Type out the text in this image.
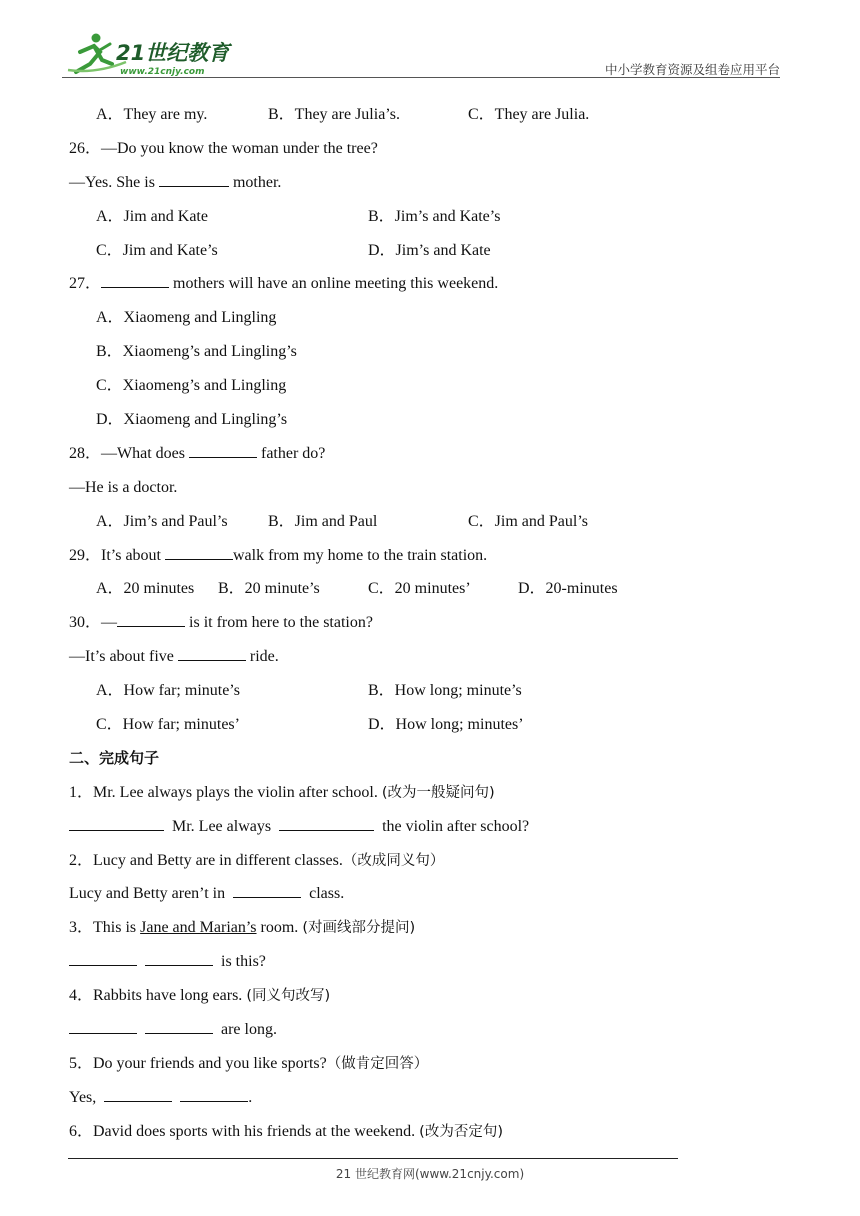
21世纪教育
www.21cnjy.com	中小学教育资源及组卷应用平台
A．They are my.	B．They are Julia’s.	C．They are Julia.
26．—Do you know the woman under the tree?
—Yes. She is	mother.
A．Jim and Kate	B．Jim’s and Kate’s
C．Jim and Kate’s	D．Jim’s and Kate
27．	mothers will have an online meeting this weekend.
A．Xiaomeng and Lingling
B．Xiaomeng’s and Lingling’s
C．Xiaomeng’s and Lingling
D．Xiaomeng and Lingling’s
28．—What does	father do?
—He is a doctor.
A．Jim’s and Paul’s	B．Jim and Paul	C．Jim and Paul’s
29．It’s about	walk from my home to the train station.
A．20 minutes B．20 minute’s	C．20 minutes’	D．20-minutes
30．—	is it from here to the station?
—It’s about five	ride.
A．How far; minute’s	B．How long; minute’s
C．How far; minutes’	D．How long; minutes’
二、完成句子
1．Mr. Lee always plays the violin after school. (改为一般疑问句)
Mr. Lee always	the violin after school?
2．Lucy and Betty are in different classes.（改成同义句）
Lucy and Betty aren’t in	class.
3．This is Jane and Marian’s room. (对画线部分提问)
is this?
4．Rabbits have long ears. (同义句改写)
are long.
5．Do your friends and you like sports?（做肯定回答）
Yes,	.
6．David does sports with his friends at the weekend. (改为否定句)
21 世纪教育网(www.21cnjy.com)
